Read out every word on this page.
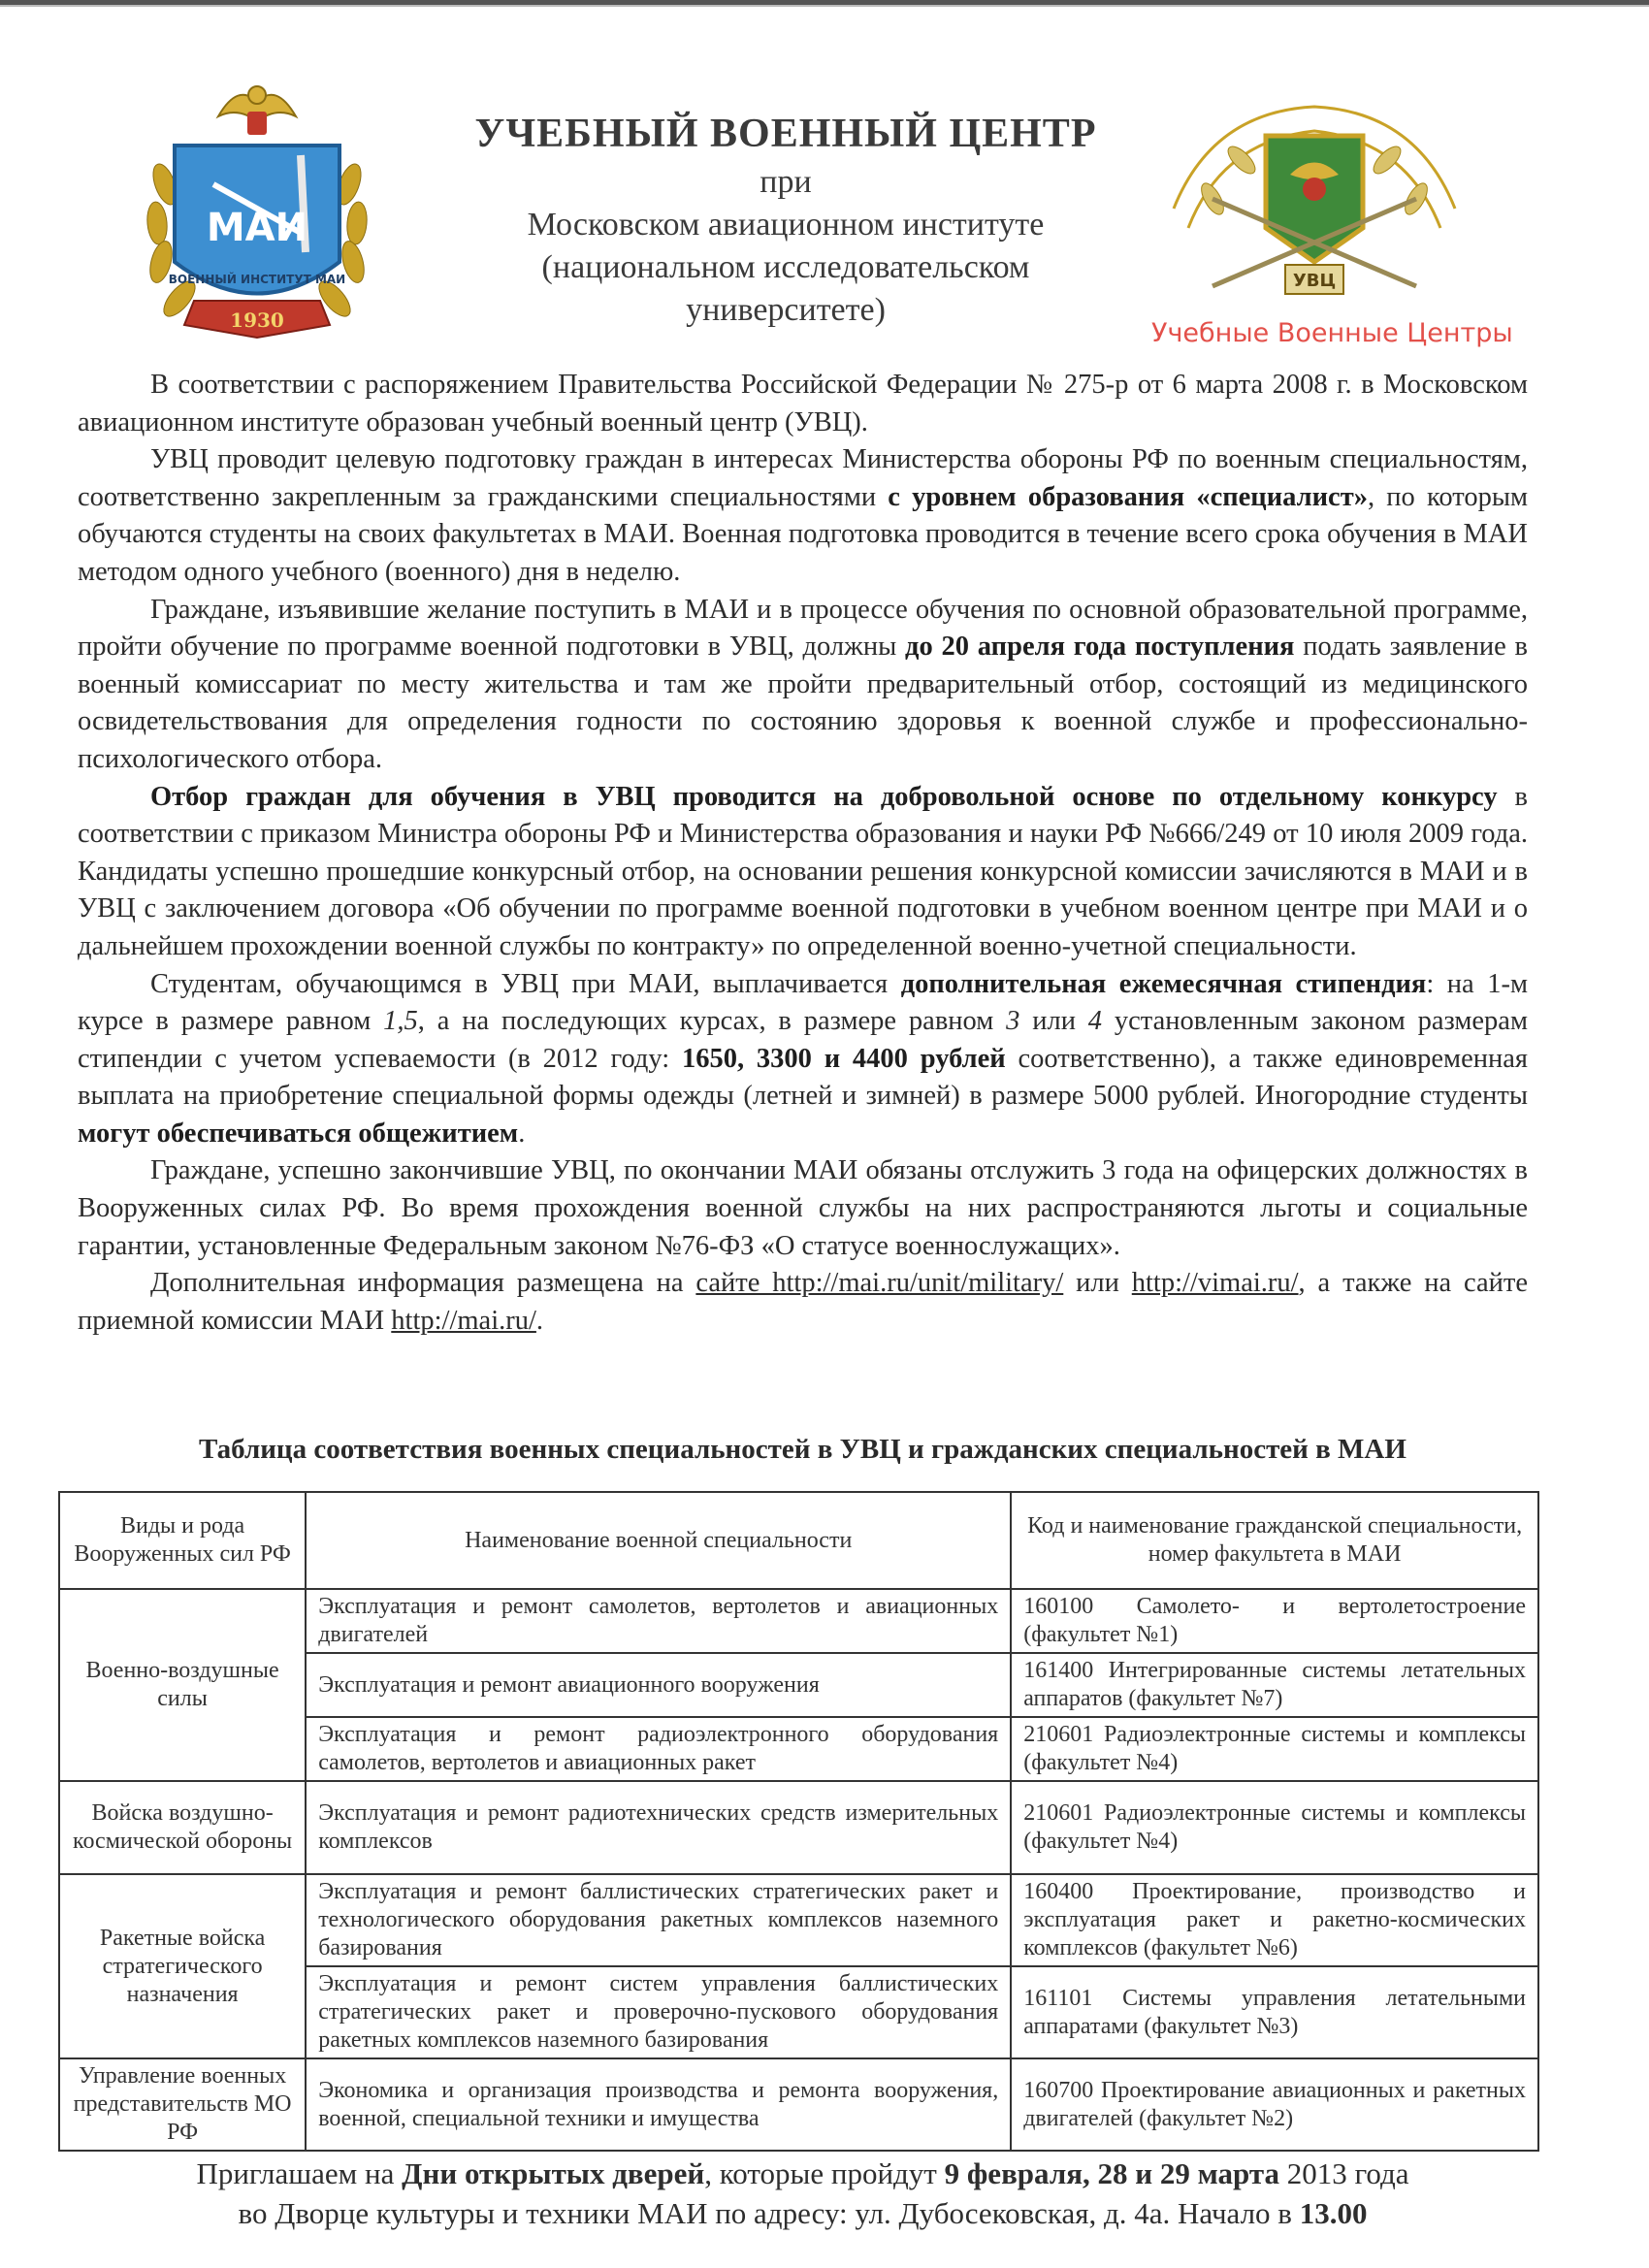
МАИ
ВОЕННЫЙ ИНСТИТУТ МАИ
1930
УЧЕБНЫЙ ВОЕННЫЙ ЦЕНТР
при
Московском авиационном институте
(национальном исследовательском
университете)
УВЦ
Учебные Военные Центры

В соответствии с распоряжением Правительства Российской Федерации № 275-р от 6 марта 2008 г. в Московском авиационном институте образован учебный военный центр (УВЦ).

УВЦ проводит целевую подготовку граждан в интересах Министерства обороны РФ по военным специальностям, соответственно закрепленным за гражданскими специальностями с уровнем образования «специалист», по которым обучаются студенты на своих факультетах в МАИ. Военная подготовка проводится в течение всего срока обучения в МАИ методом одного учебного (военного) дня в неделю.

Граждане, изъявившие желание поступить в МАИ и в процессе обучения по основной образовательной программе, пройти обучение по программе военной подготовки в УВЦ, должны до 20 апреля года поступления подать заявление в военный комиссариат по месту жительства и там же пройти предварительный отбор, состоящий из медицинского освидетельствования для определения годности по состоянию здоровья к военной службе и профессионально-психологического отбора.

Отбор граждан для обучения в УВЦ проводится на добровольной основе по отдельному конкурсу в соответствии с приказом Министра обороны РФ и Министерства образования и науки РФ №666/249 от 10 июля 2009 года. Кандидаты успешно прошедшие конкурсный отбор, на основании решения конкурсной комиссии зачисляются в МАИ и в УВЦ с заключением договора «Об обучении по программе военной подготовки в учебном военном центре при МАИ и о дальнейшем прохождении военной службы по контракту» по определенной военно-учетной специальности.

Студентам, обучающимся в УВЦ при МАИ, выплачивается дополнительная ежемесячная стипендия: на 1-м курсе в размере равном 1,5, а на последующих курсах, в размере равном 3 или 4 установленным законом размерам стипендии с учетом успеваемости (в 2012 году: 1650, 3300 и 4400 рублей соответственно), а также единовременная выплата на приобретение специальной формы одежды (летней и зимней) в размере 5000 рублей. Иногородние студенты могут обеспечиваться общежитием.

Граждане, успешно закончившие УВЦ, по окончании МАИ обязаны отслужить 3 года на офицерских должностях в Вооруженных силах РФ. Во время прохождения военной службы на них распространяются льготы и социальные гарантии, установленные Федеральным законом №76-ФЗ «О статусе военнослужащих».

Дополнительная информация размещена на сайте http://mai.ru/unit/military/ или http://vimai.ru/, а также на сайте приемной комиссии МАИ http://mai.ru/.

Таблица соответствия военных специальностей в УВЦ и гражданских специальностей в МАИ
Виды и рода Вооруженных сил РФ	Наименование военной специальности	Код и наименование гражданской специальности, номер факультета в МАИ
Военно-воздушные силы	Эксплуатация и ремонт самолетов, вертолетов и авиационных двигателей	160100 Самолето- и вертолетостроение (факультет №1)
	Эксплуатация и ремонт авиационного вооружения	161400 Интегрированные системы летательных аппаратов (факультет №7)
	Эксплуатация и ремонт радиоэлектронного оборудования самолетов, вертолетов и авиационных ракет	210601 Радиоэлектронные системы и комплексы (факультет №4)
Войска воздушно-космической обороны	Эксплуатация и ремонт радиотехнических средств измерительных комплексов	210601 Радиоэлектронные системы и комплексы (факультет №4)
Ракетные войска стратегического назначения	Эксплуатация и ремонт баллистических стратегических ракет и технологического оборудования ракетных комплексов наземного базирования	160400 Проектирование, производство и эксплуатация ракет и ракетно-космических комплексов (факультет №6)
	Эксплуатация и ремонт систем управления баллистических стратегических ракет и проверочно-пускового оборудования ракетных комплексов наземного базирования	161101 Системы управления летательными аппаратами (факультет №3)
Управление военных представительств МО РФ	Экономика и организация производства и ремонта вооружения, военной, специальной техники и имущества	160700 Проектирование авиационных и ракетных двигателей (факультет №2)
Приглашаем на Дни открытых дверей, которые пройдут 9 февраля, 28 и 29 марта 2013 года
во Дворце культуры и техники МАИ по адресу: ул. Дубосековская, д. 4а. Начало в 13.00
